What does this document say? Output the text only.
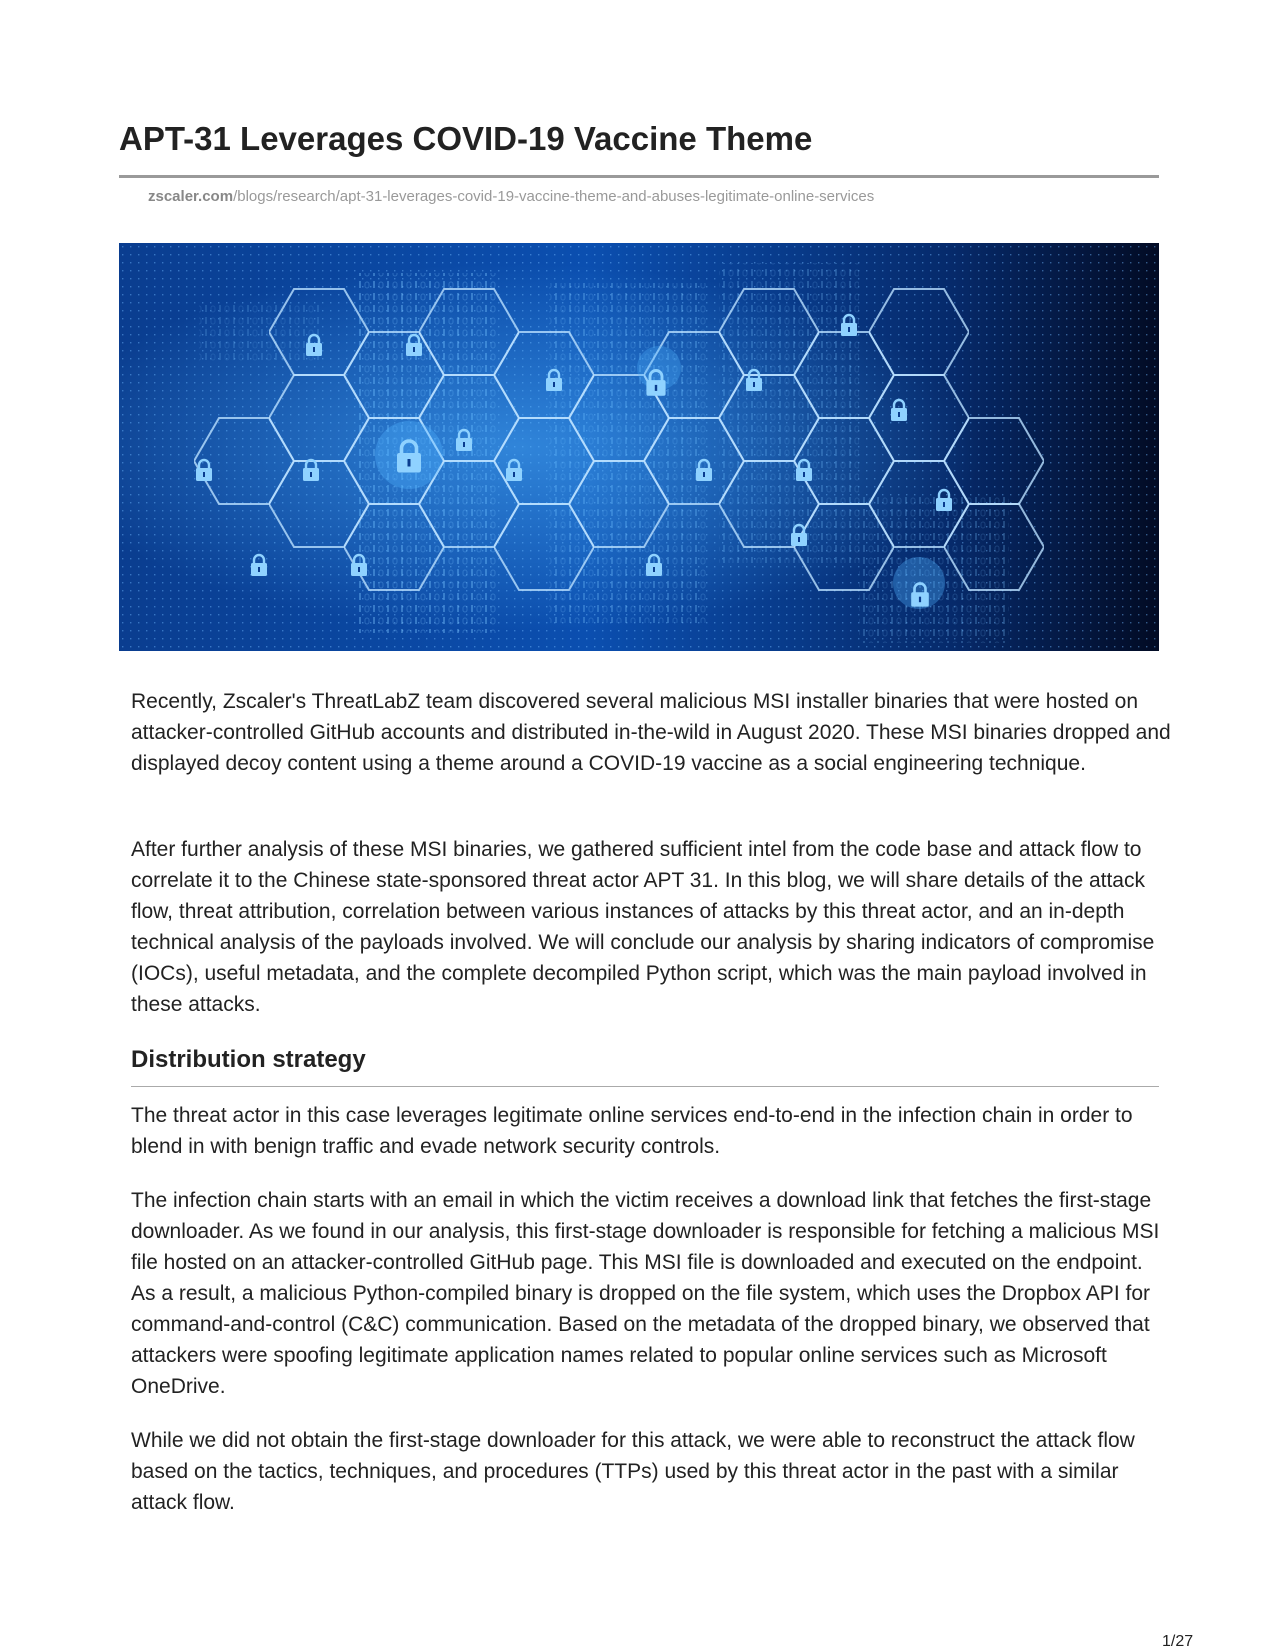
APT-31 Leverages COVID-19 Vaccine Theme
zscaler.com/blogs/research/apt-31-leverages-covid-19-vaccine-theme-and-abuses-legitimate-online-services

Recently, Zscaler's ThreatLabZ team discovered several malicious MSI installer binaries that were hosted on attacker-controlled GitHub accounts and distributed in-the-wild in August 2020. These MSI binaries dropped and displayed decoy content using a theme around a COVID-19 vaccine as a social engineering technique.

After further analysis of these MSI binaries, we gathered sufficient intel from the code base and attack flow to correlate it to the Chinese state-sponsored threat actor APT 31. In this blog, we will share details of the attack flow, threat attribution, correlation between various instances of attacks by this threat actor, and an in-depth technical analysis of the payloads involved. We will conclude our analysis by sharing indicators of compromise (IOCs), useful metadata, and the complete decompiled Python script, which was the main payload involved in these attacks.

Distribution strategy

The threat actor in this case leverages legitimate online services end-to-end in the infection chain in order to blend in with benign traffic and evade network security controls.

The infection chain starts with an email in which the victim receives a download link that fetches the first-stage downloader. As we found in our analysis, this first-stage downloader is responsible for fetching a malicious MSI file hosted on an attacker-controlled GitHub page. This MSI file is downloaded and executed on the endpoint. As a result, a malicious Python-compiled binary is dropped on the file system, which uses the Dropbox API for command-and-control (C&C) communication. Based on the metadata of the dropped binary, we observed that attackers were spoofing legitimate application names related to popular online services such as Microsoft OneDrive.

While we did not obtain the first-stage downloader for this attack, we were able to reconstruct the attack flow based on the tactics, techniques, and procedures (TTPs) used by this threat actor in the past with a similar attack flow.

1/27
